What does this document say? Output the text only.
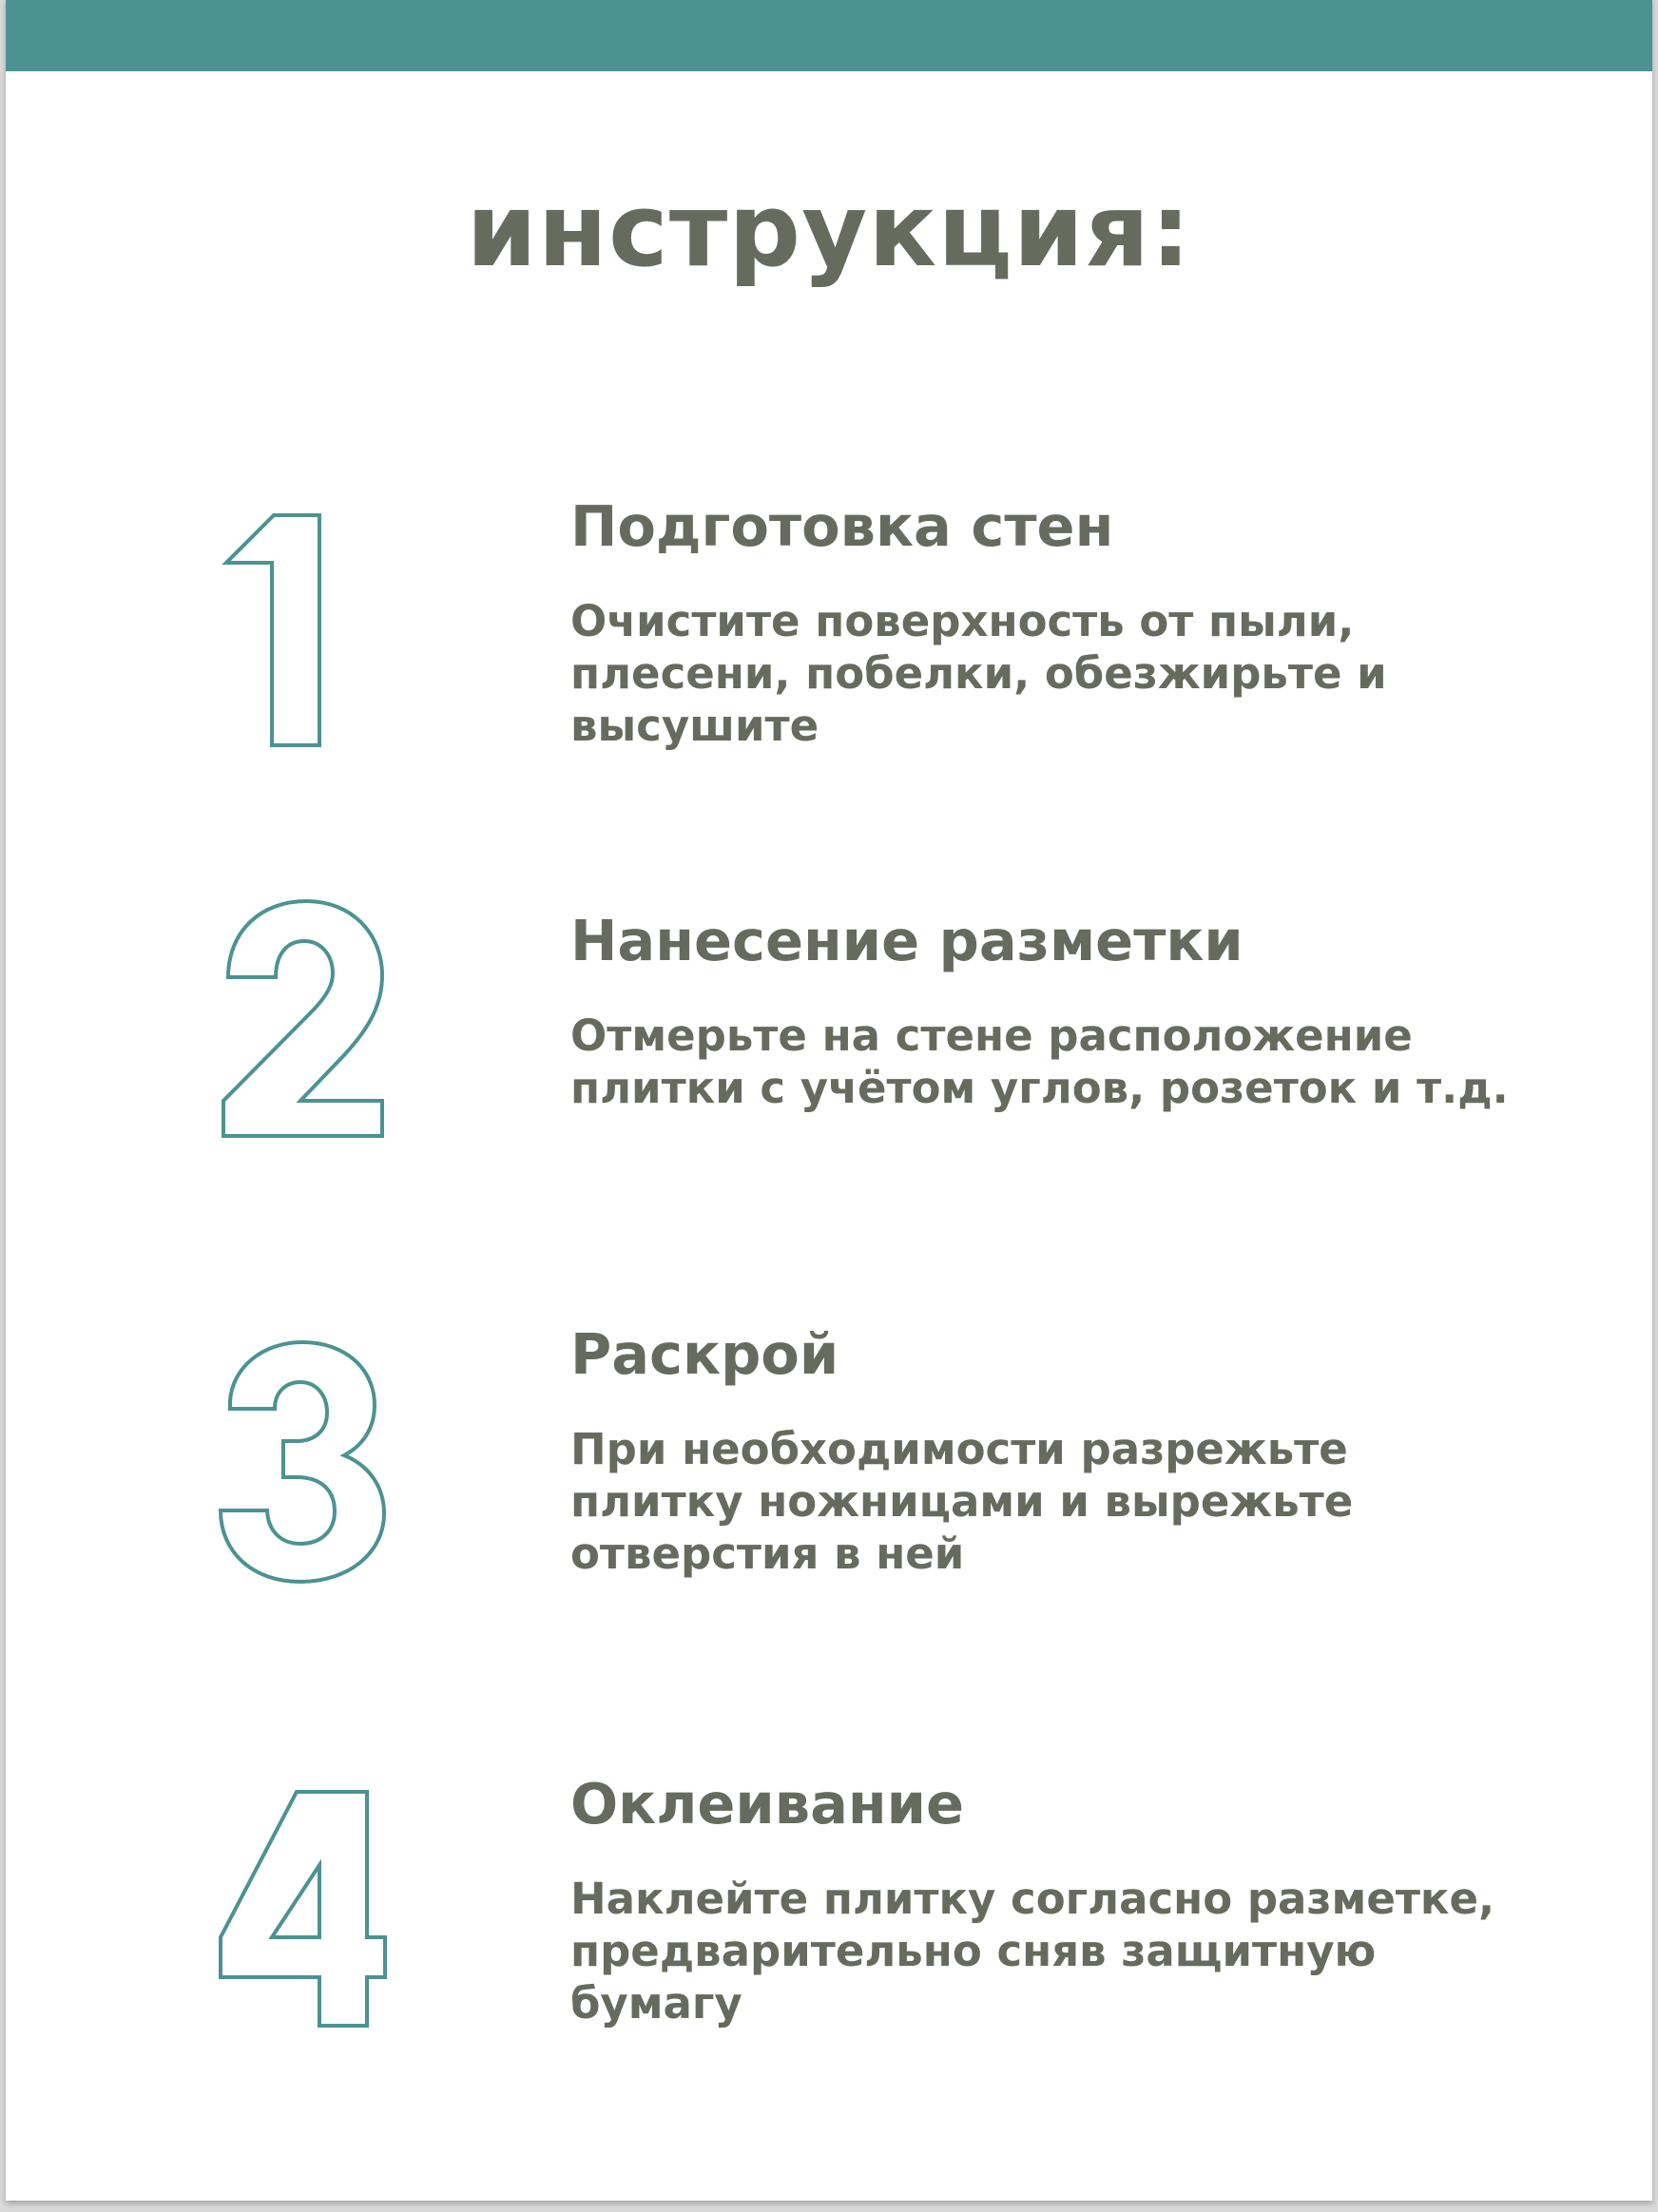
инструкция:
Подготовка стен
Очистите поверхность от пыли,
плесени, побелки, обезжирьте и
высушите
Нанесение разметки
Отмерьте на стене расположение
плитки с учётом углов, розеток и т.д.
Раскрой
При необходимости разрежьте
плитку ножницами и вырежьте
отверстия в ней
Оклеивание
Наклейте плитку согласно разметке,
предварительно сняв защитную
бумагу
